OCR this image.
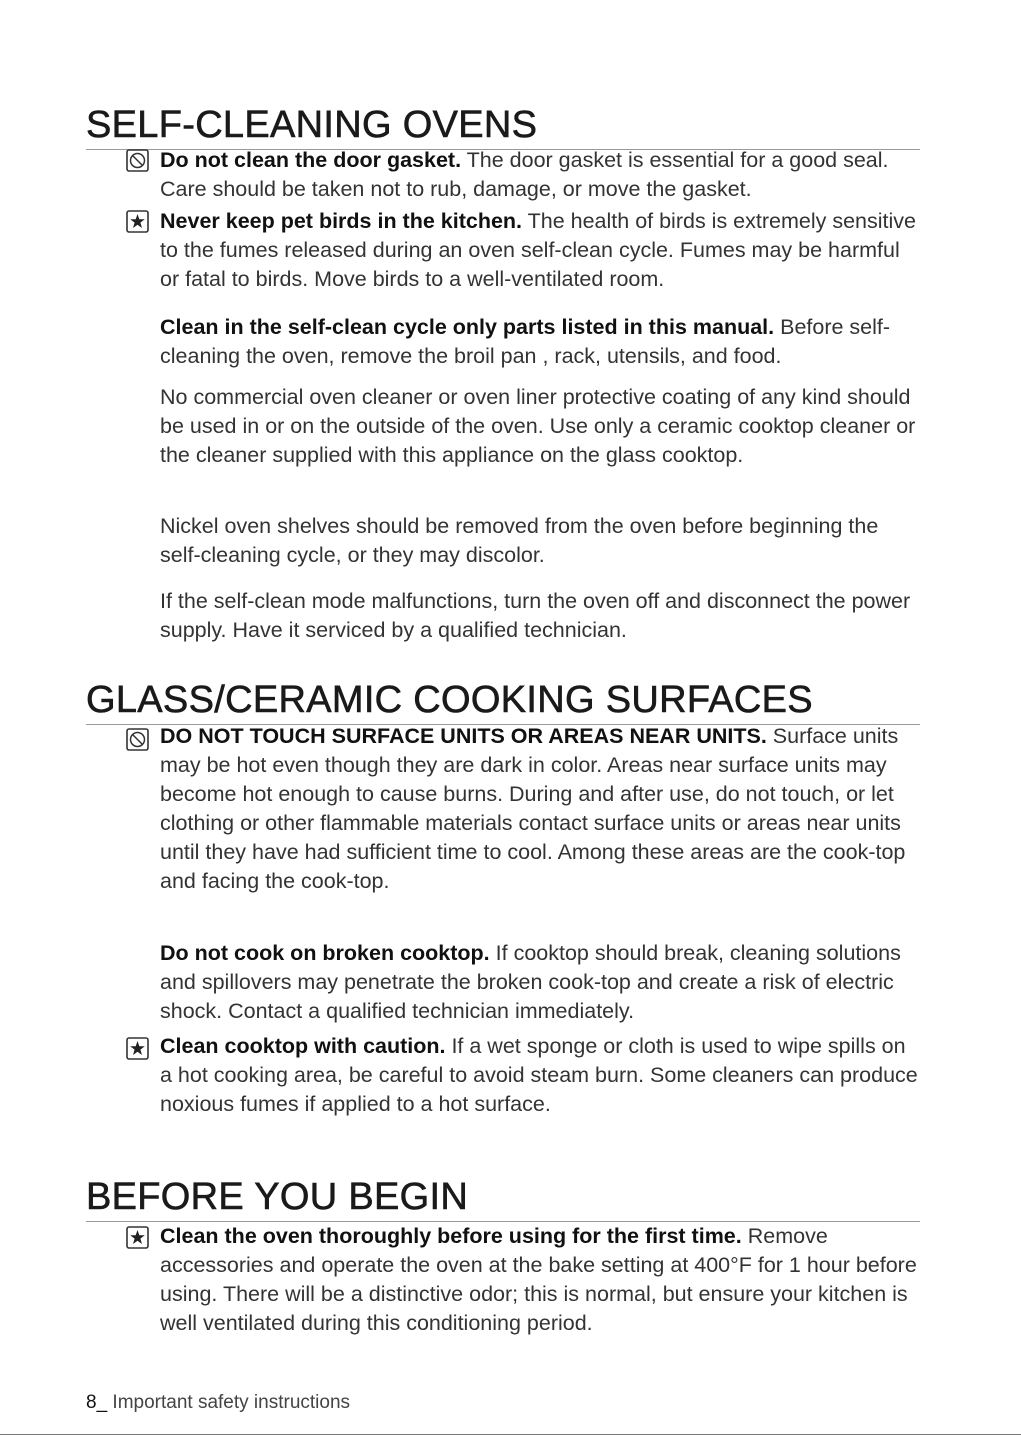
SELF-CLEANING OVENS

Do not clean the door gasket. The door gasket is essential for a good seal. Care should be taken not to rub, damage, or move the gasket.

Never keep pet birds in the kitchen. The health of birds is extremely sensitive to the fumes released during an oven self-clean cycle. Fumes may be harmful or fatal to birds. Move birds to a well-ventilated room.

Clean in the self-clean cycle only parts listed in this manual. Before self-cleaning the oven, remove the broil pan , rack, utensils, and food.

No commercial oven cleaner or oven liner protective coating of any kind should be used in or on the outside of the oven. Use only a ceramic cooktop cleaner or the cleaner supplied with this appliance on the glass cooktop.

Nickel oven shelves should be removed from the oven before beginning the self-cleaning cycle, or they may discolor.

If the self-clean mode malfunctions, turn the oven off and disconnect the power supply. Have it serviced by a qualified technician.

GLASS/CERAMIC COOKING SURFACES

DO NOT TOUCH SURFACE UNITS OR AREAS NEAR UNITS. Surface units may be hot even though they are dark in color. Areas near surface units may become hot enough to cause burns. During and after use, do not touch, or let clothing or other flammable materials contact surface units or areas near units until they have had sufficient time to cool. Among these areas are the cook-top and facing the cook-top.

Do not cook on broken cooktop. If cooktop should break, cleaning solutions and spillovers may penetrate the broken cook-top and create a risk of electric shock. Contact a qualified technician immediately.

Clean cooktop with caution. If a wet sponge or cloth is used to wipe spills on a hot cooking area, be careful to avoid steam burn. Some cleaners can produce noxious fumes if applied to a hot surface.

BEFORE YOU BEGIN

Clean the oven thoroughly before using for the first time. Remove accessories and operate the oven at the bake setting at 400°F for 1 hour before using. There will be a distinctive odor; this is normal, but ensure your kitchen is well ventilated during this conditioning period.

8_ Important safety instructions
